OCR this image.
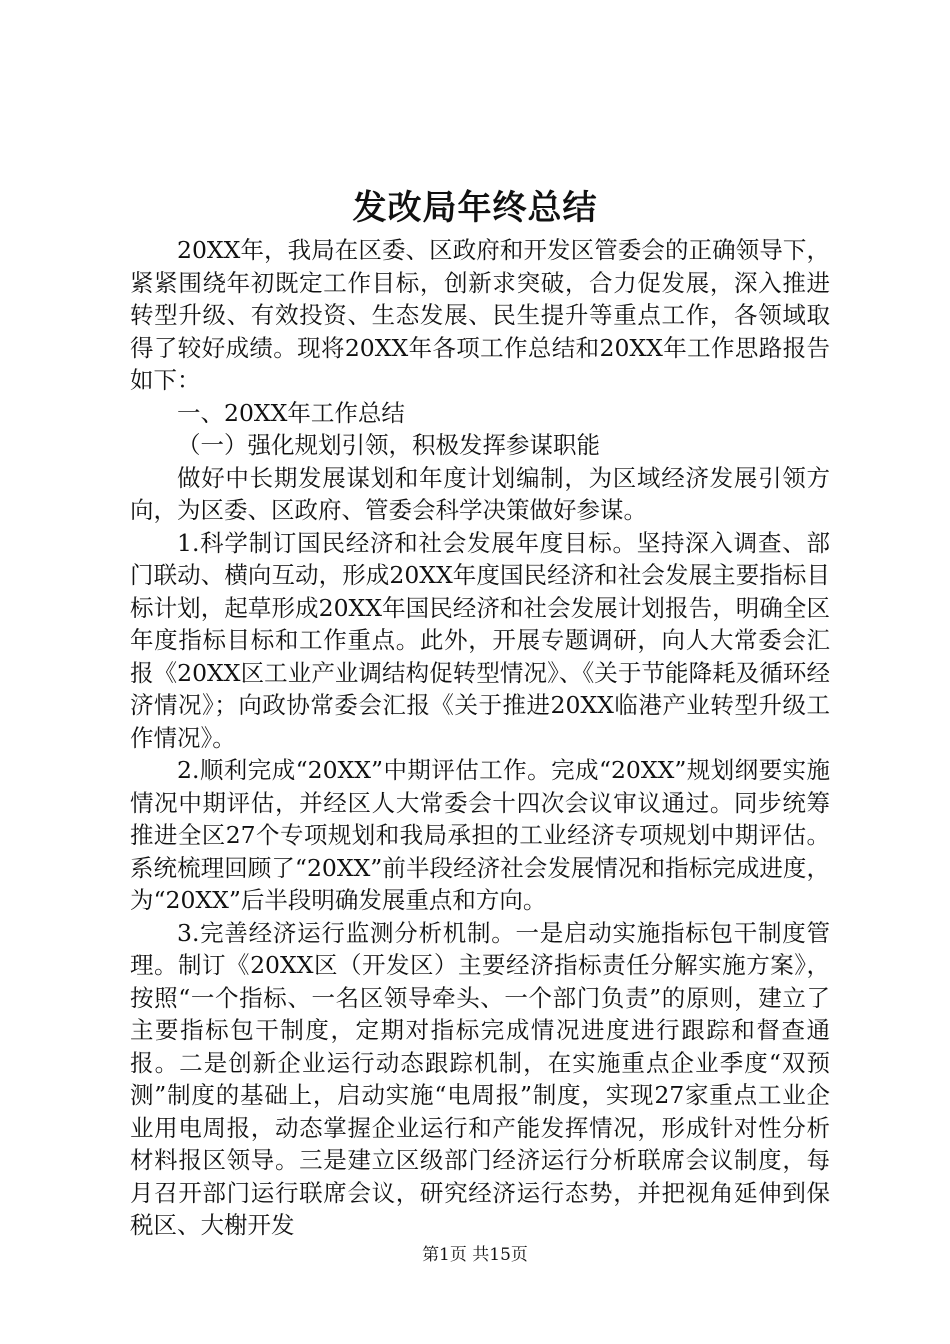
发改局年终总结

20XX年，我局在区委、区政府和开发区管委会的正确领导下，紧紧围绕年初既定工作目标，创新求突破，合力促发展，深入推进转型升级、有效投资、生态发展、民生提升等重点工作，各领域取得了较好成绩。现将20XX年各项工作总结和20XX年工作思路报告如下：

一、20XX年工作总结

（一）强化规划引领，积极发挥参谋职能

做好中长期发展谋划和年度计划编制，为区域经济发展引领方向，为区委、区政府、管委会科学决策做好参谋。

1.科学制订国民经济和社会发展年度目标。坚持深入调查、部门联动、横向互动，形成20XX年度国民经济和社会发展主要指标目标计划，起草形成20XX年国民经济和社会发展计划报告，明确全区年度指标目标和工作重点。此外，开展专题调研，向人大常委会汇报《20XX区工业产业调结构促转型情况》、《关于节能降耗及循环经济情况》；向政协常委会汇报《关于推进20XX临港产业转型升级工作情况》。

2.顺利完成“20XX”中期评估工作。完成“20XX”规划纲要实施情况中期评估，并经区人大常委会十四次会议审议通过。同步统筹推进全区27个专项规划和我局承担的工业经济专项规划中期评估。系统梳理回顾了“20XX”前半段经济社会发展情况和指标完成进度，为“20XX”后半段明确发展重点和方向。

3.完善经济运行监测分析机制。一是启动实施指标包干制度管理。制订《20XX区（开发区）主要经济指标责任分解实施方案》，按照“一个指标、一名区领导牵头、一个部门负责”的原则，建立了主要指标包干制度，定期对指标完成情况进度进行跟踪和督查通报。二是创新企业运行动态跟踪机制，在实施重点企业季度“双预测”制度的基础上，启动实施“电周报”制度，实现27家重点工业企业用电周报，动态掌握企业运行和产能发挥情况，形成针对性分析材料报区领导。三是建立区级部门经济运行分析联席会议制度，每月召开部门运行联席会议，研究经济运行态势，并把视角延伸到保税区、大榭开发

第1页 共15页
